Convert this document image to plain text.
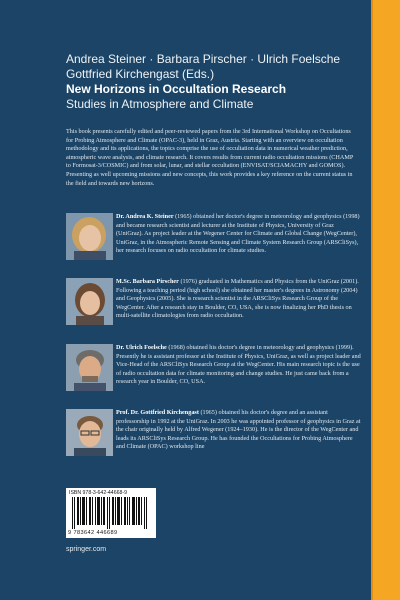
Andrea Steiner · Barbara Pirscher · Ulrich Foelsche
Gottfried Kirchengast (Eds.)
New Horizons in Occultation Research
Studies in Atmosphere and Climate
This book presents carefully edited and peer-reviewed papers from the 3rd International Workshop on Occultations for Probing Atmosphere and Climate (OPAC-3), held in Graz, Austria. Starting with an overview on occultation methodology and its applications, the topics comprise the use of occultation data in numerical weather prediction, atmospheric wave analysis, and climate research. It covers results from current radio occultation missions (CHAMP to Formosat-3/COSMIC) and from solar, lunar, and stellar occultation (ENVISAT/SCIAMACHY and GOMOS). Presenting as well upcoming missions and new concepts, this work provides a key reference on the current status in the field and towards new horizons.
Dr. Andrea K. Steiner (1965) obtained her doctor's degree in meteorology and geophysics (1998) and became research scientist and lecturer at the Institute of Physics, University of Graz (UniGraz). As project leader at the Wegener Center for Climate and Global Change (WegCenter), UniGraz, in the Atmospheric Remote Sensing and Climate System Research Group (ARSCliSys), her research focuses on radio occultation for climate studies.
M.Sc. Barbara Pirscher (1976) graduated in Mathematics and Physics from the UniGraz (2001). Following a teaching period (high school) she obtained her master's degrees in Astronomy (2004) and Geophysics (2005). She is research scientist in the ARSCliSys Research Group of the WegCenter. After a research stay in Boulder, CO, USA, she is now finalizing her PhD thesis on multi-satellite climatologies from radio occultation.
Dr. Ulrich Foelsche (1968) obtained his doctor's degree in meteorology and geophysics (1999). Presently he is assistant professor at the Institute of Physics, UniGraz, as well as project leader and Vice-Head of the ARSCliSys Research Group at the WegCenter. His main research topic is the use of radio occultation data for climate monitoring and change studies. He just came back from a research year in Boulder, CO, USA.
Prof. Dr. Gottfried Kirchengast (1965) obtained his doctor's degree and an assistant professorship in 1992 at the UniGraz. In 2003 he was appointed professor of geophysics in Graz at the chair originally held by Alfred Wegener (1924–1930). He is the director of the WegCenter and leads its ARSCliSys Research Group. He has founded the Occultations for Probing Atmosphere and Climate (OPAC) workshop line
ISBN 978-3-642-44668-9
9 783642 446689
springer.com
